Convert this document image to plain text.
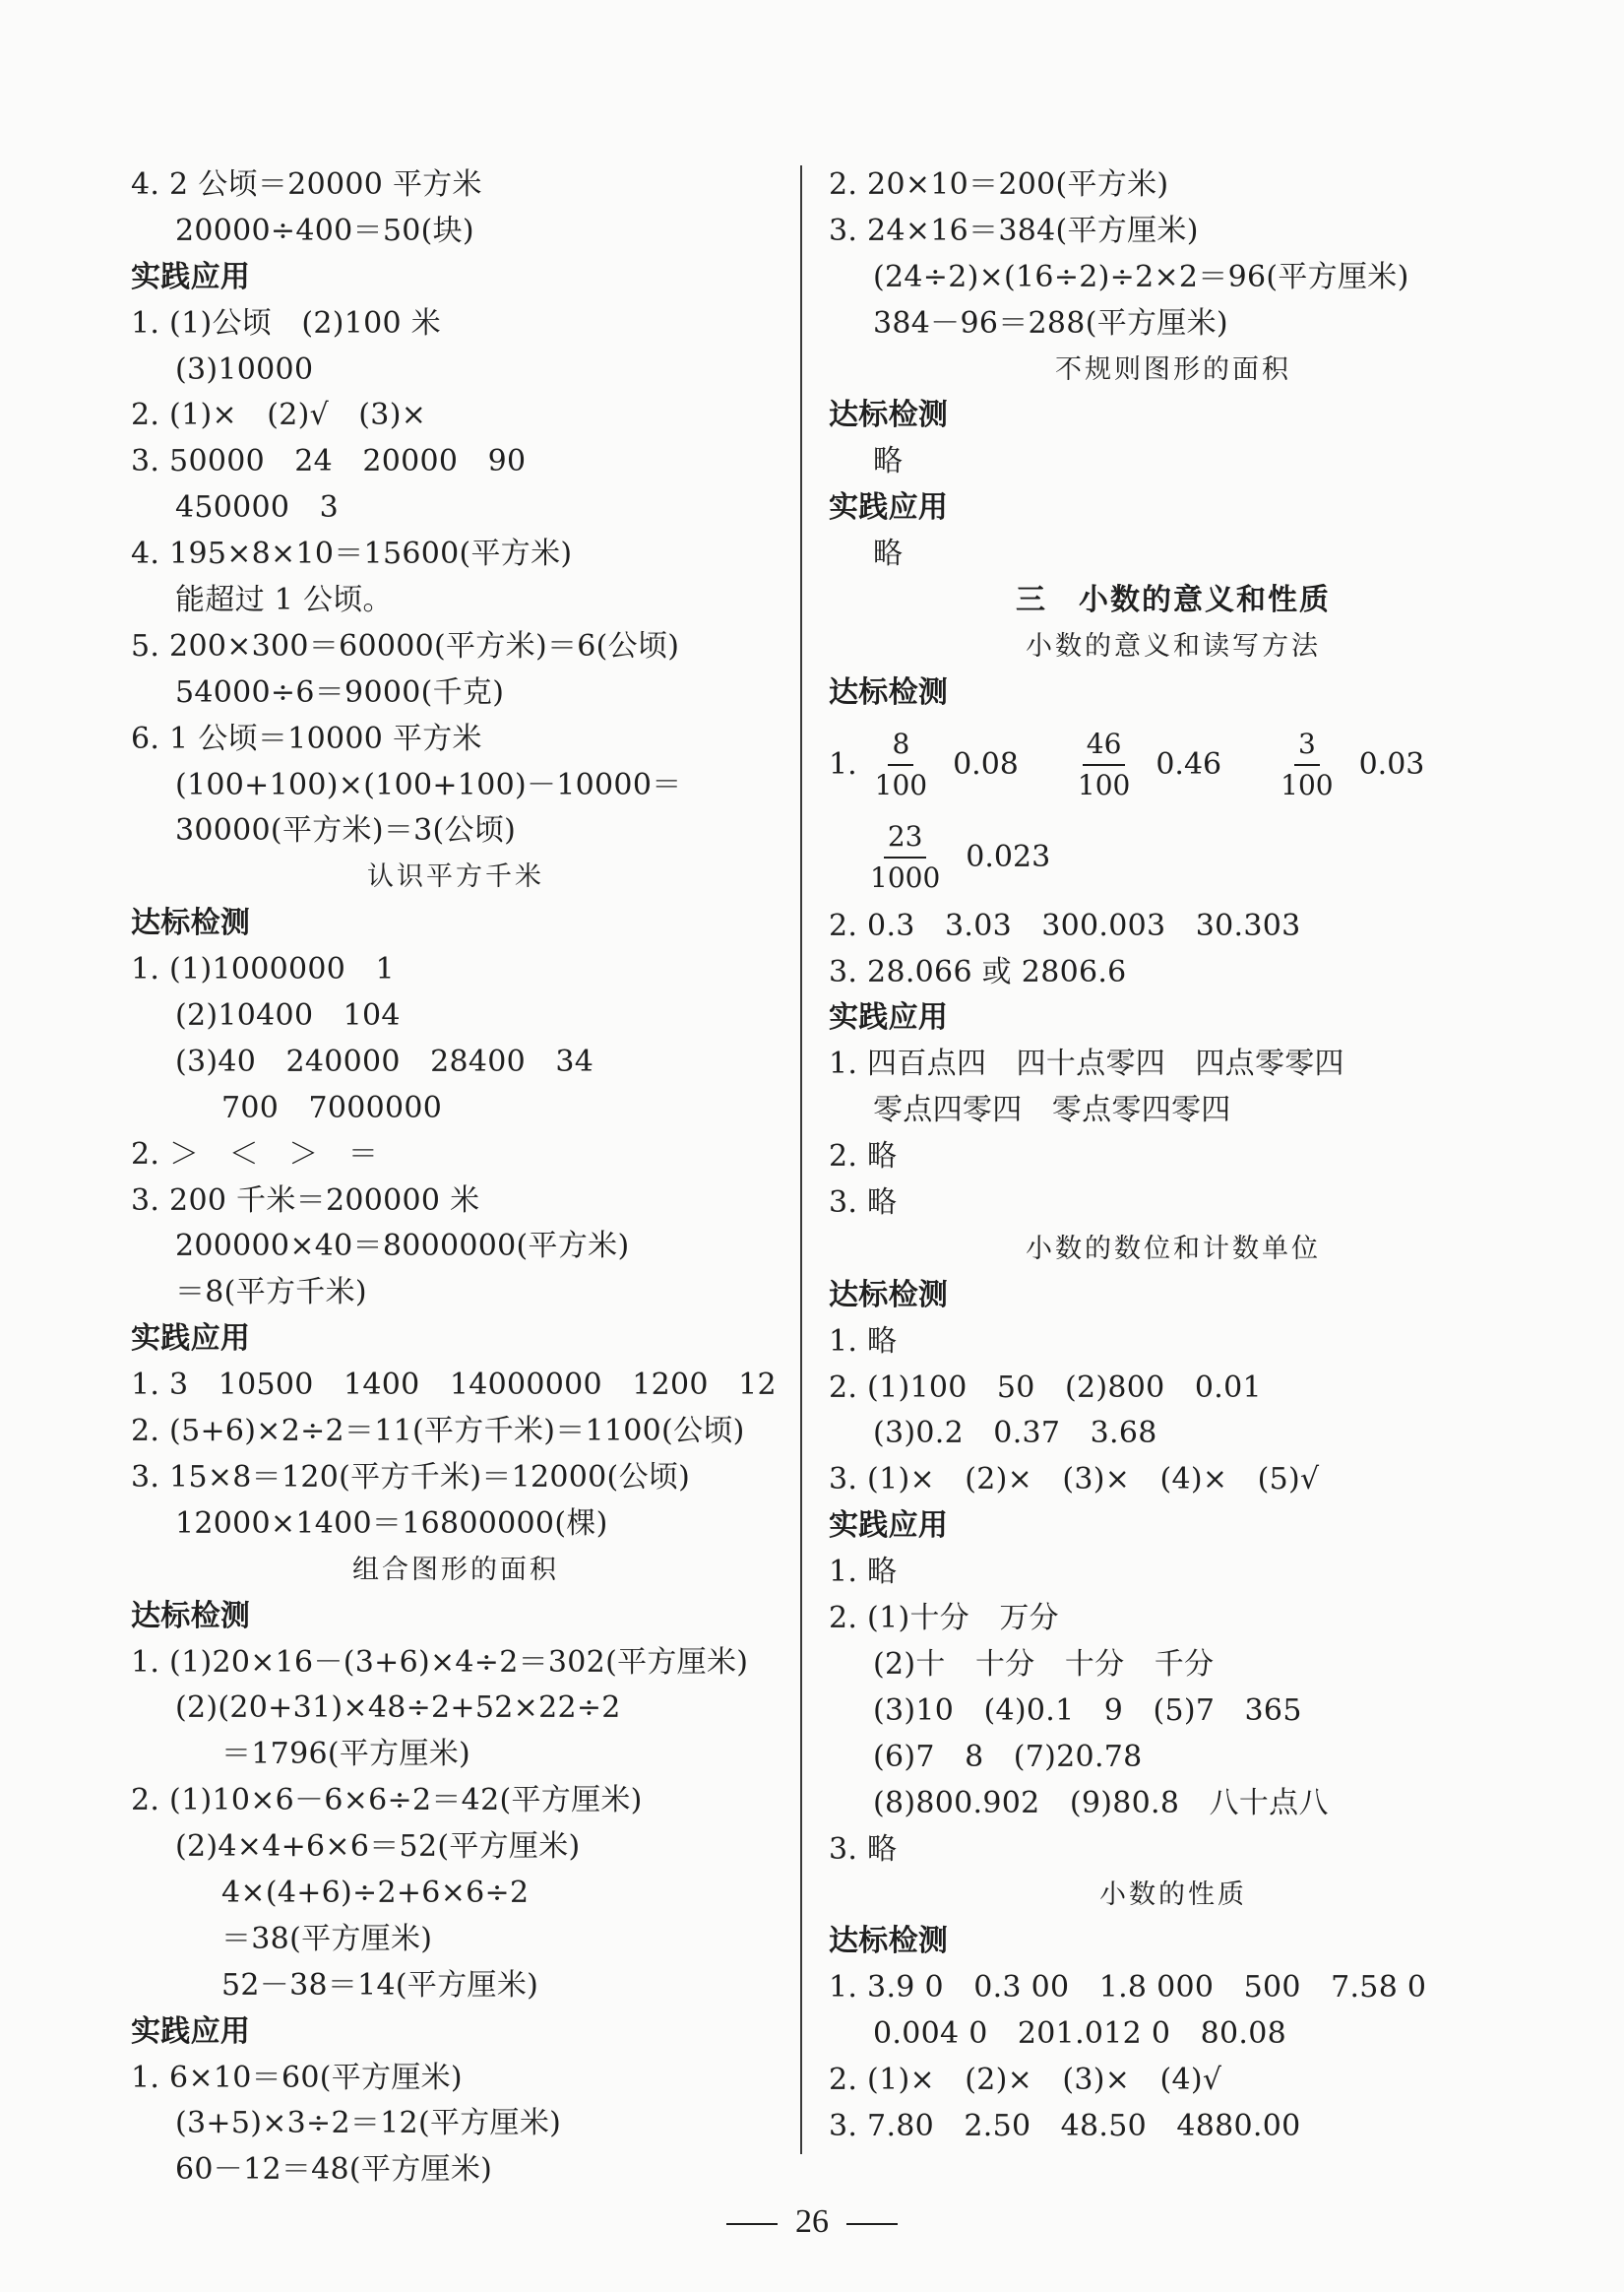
4. 2 公顷＝20000 平方米
20000÷400＝50(块)
实践应用
1. (1)公顷　(2)100 米
(3)10000
2. (1)×　(2)√　(3)×
3. 50000　24　20000　90
450000　3
4. 195×8×10＝15600(平方米)
能超过 1 公顷。
5. 200×300＝60000(平方米)＝6(公顷)
54000÷6＝9000(千克)
6. 1 公顷＝10000 平方米
(100+100)×(100+100)－10000＝
30000(平方米)＝3(公顷)
认识平方千米
达标检测
1. (1)1000000　1
(2)10400　104
(3)40　240000　28400　34
700　7000000
2. ＞　＜　＞　＝
3. 200 千米＝200000 米
200000×40＝8000000(平方米)
＝8(平方千米)
实践应用
1. 3　10500　1400　14000000　1200　12
2. (5+6)×2÷2＝11(平方千米)＝1100(公顷)
3. 15×8＝120(平方千米)＝12000(公顷)
12000×1400＝16800000(棵)
组合图形的面积
达标检测
1. (1)20×16－(3+6)×4÷2＝302(平方厘米)
(2)(20+31)×48÷2+52×22÷2
＝1796(平方厘米)
2. (1)10×6－6×6÷2＝42(平方厘米)
(2)4×4+6×6＝52(平方厘米)
4×(4+6)÷2+6×6÷2
＝38(平方厘米)
52－38＝14(平方厘米)
实践应用
1. 6×10＝60(平方厘米)
(3+5)×3÷2＝12(平方厘米)
60－12＝48(平方厘米)
2. 20×10＝200(平方米)
3. 24×16＝384(平方厘米)
(24÷2)×(16÷2)÷2×2＝96(平方厘米)
384－96＝288(平方厘米)
不规则图形的面积
达标检测
略
实践应用
略
三　小数的意义和性质
小数的意义和读写方法
达标检测
1. $\frac{8}{100} 0.08 \frac{46}{100} 0.46 \frac{3}{100} 0.03$
$\frac{23}{1000} 0.023$
2. 0.3　3.03　300.003　30.303
3. 28.066 或 2806.6
实践应用
1. 四百点四　四十点零四　四点零零四
零点四零四　零点零四零四
2. 略
3. 略
小数的数位和计数单位
达标检测
1. 略
2. (1)100　50　(2)800　0.01
(3)0.2　0.37　3.68
3. (1)×　(2)×　(3)×　(4)×　(5)√
实践应用
1. 略
2. (1)十分　万分
(2)十　十分　十分　千分
(3)10　(4)0.1　9　(5)7　365
(6)7　8　(7)20.78
(8)800.902　(9)80.8　八十点八
3. 略
小数的性质
达标检测
1. 3.9 0　0.3 00　1.8 000　500　7.58 0
0.004 0　201.012 0　80.08
2. (1)×　(2)×　(3)×　(4)√
3. 7.80　2.50　48.50　4880.00
26
